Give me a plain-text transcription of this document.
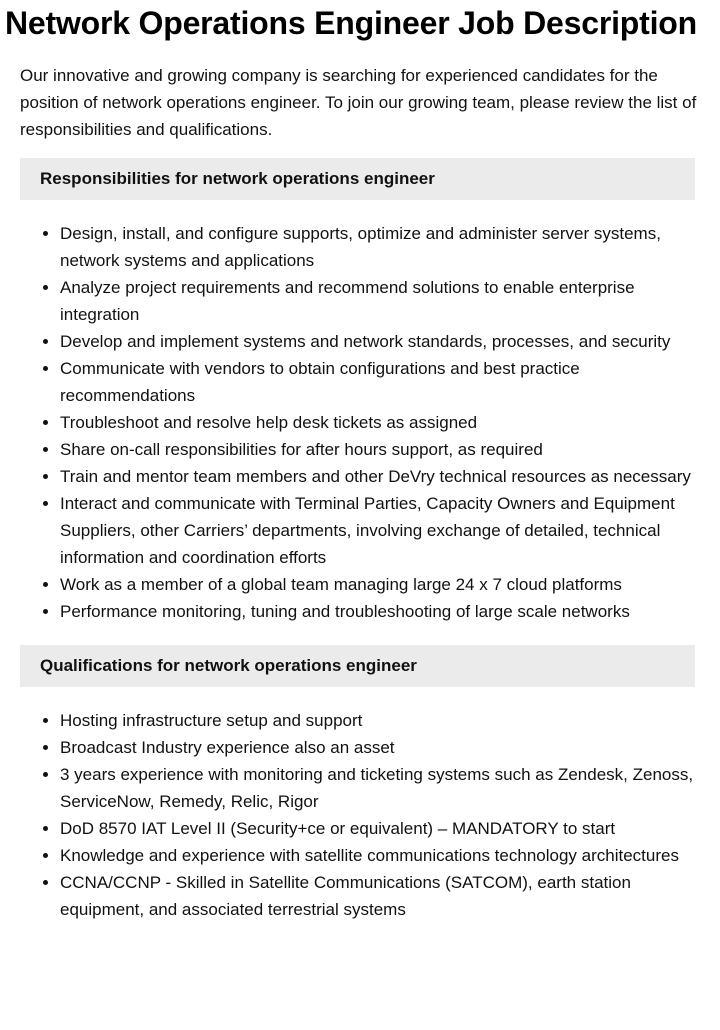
Network Operations Engineer Job Description

Our innovative and growing company is searching for experienced candidates for the position of network operations engineer. To join our growing team, please review the list of responsibilities and qualifications.

Responsibilities for network operations engineer
• Design, install, and configure supports, optimize and administer server systems, network systems and applications
• Analyze project requirements and recommend solutions to enable enterprise integration
• Develop and implement systems and network standards, processes, and security
• Communicate with vendors to obtain configurations and best practice recommendations
• Troubleshoot and resolve help desk tickets as assigned
• Share on-call responsibilities for after hours support, as required
• Train and mentor team members and other DeVry technical resources as necessary
• Interact and communicate with Terminal Parties, Capacity Owners and Equipment Suppliers, other Carriers’ departments, involving exchange of detailed, technical information and coordination efforts
• Work as a member of a global team managing large 24 x 7 cloud platforms
• Performance monitoring, tuning and troubleshooting of large scale networks
Qualifications for network operations engineer
• Hosting infrastructure setup and support
• Broadcast Industry experience also an asset
• 3 years experience with monitoring and ticketing systems such as Zendesk, Zenoss, ServiceNow, Remedy, Relic, Rigor
• DoD 8570 IAT Level II (Security+ce or equivalent) – MANDATORY to start
• Knowledge and experience with satellite communications technology architectures
• CCNA/CCNP - Skilled in Satellite Communications (SATCOM), earth station equipment, and associated terrestrial systems
